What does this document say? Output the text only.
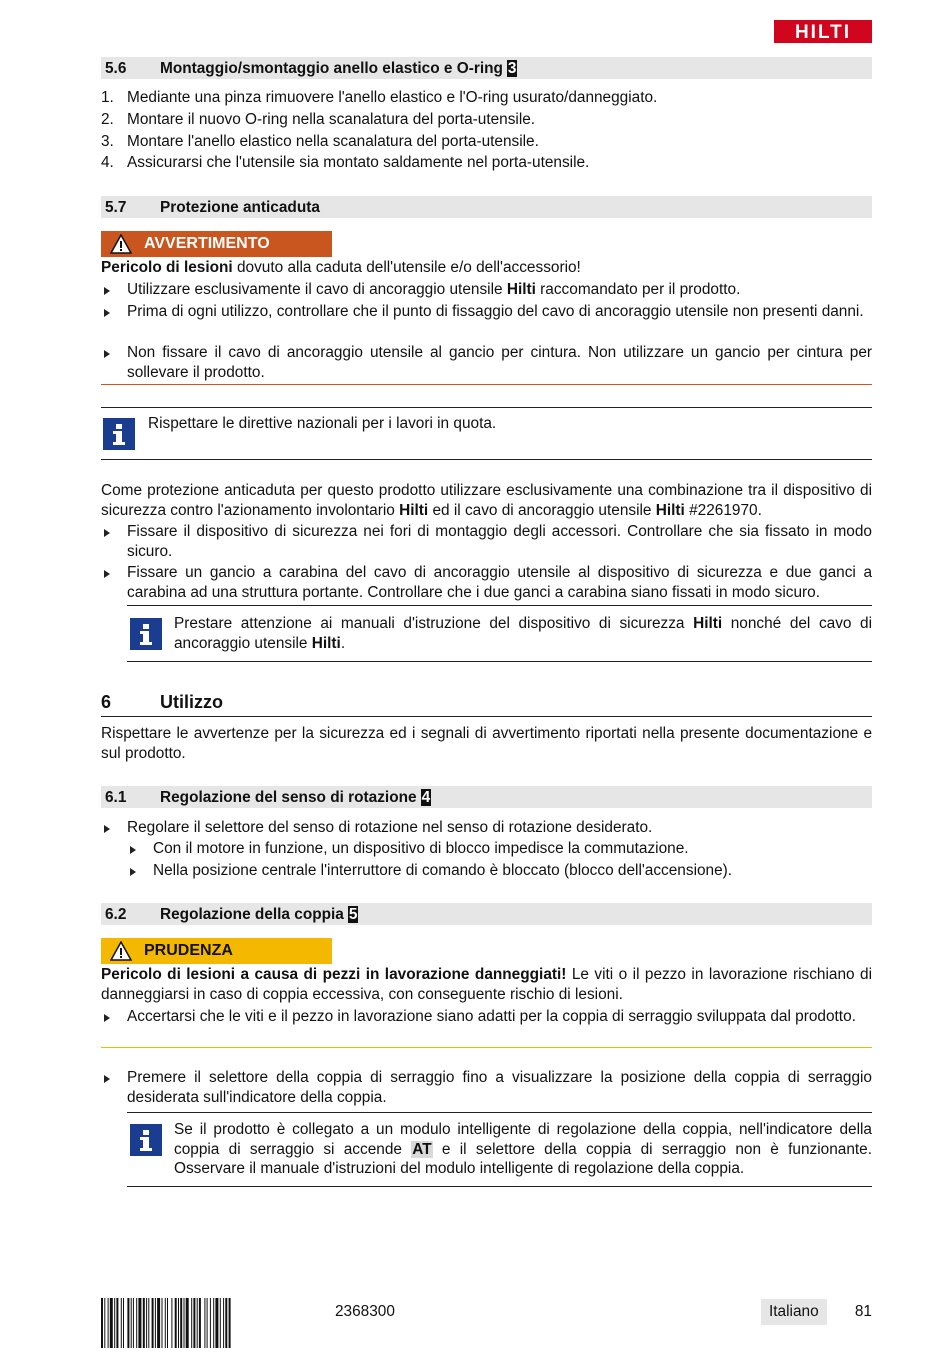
HILTI
5.6 Montaggio/smontaggio anello elastico e O-ring 3
1. Mediante una pinza rimuovere l'anello elastico e l'O-ring usurato/danneggiato.
2. Montare il nuovo O-ring nella scanalatura del porta-utensile.
3. Montare l'anello elastico nella scanalatura del porta-utensile.
4. Assicurarsi che l'utensile sia montato saldamente nel porta-utensile.
5.7 Protezione anticaduta
AVVERTIMENTO
Pericolo di lesioni dovuto alla caduta dell'utensile e/o dell'accessorio!
Utilizzare esclusivamente il cavo di ancoraggio utensile Hilti raccomandato per il prodotto.
Prima di ogni utilizzo, controllare che il punto di fissaggio del cavo di ancoraggio utensile non presenti danni.
Non fissare il cavo di ancoraggio utensile al gancio per cintura. Non utilizzare un gancio per cintura per sollevare il prodotto.
Rispettare le direttive nazionali per i lavori in quota.
Come protezione anticaduta per questo prodotto utilizzare esclusivamente una combinazione tra il dispositivo di sicurezza contro l'azionamento involontario Hilti ed il cavo di ancoraggio utensile Hilti #2261970.
Fissare il dispositivo di sicurezza nei fori di montaggio degli accessori. Controllare che sia fissato in modo sicuro.
Fissare un gancio a carabina del cavo di ancoraggio utensile al dispositivo di sicurezza e due ganci a carabina ad una struttura portante. Controllare che i due ganci a carabina siano fissati in modo sicuro.
Prestare attenzione ai manuali d'istruzione del dispositivo di sicurezza Hilti nonché del cavo di ancoraggio utensile Hilti.
6	Utilizzo
Rispettare le avvertenze per la sicurezza ed i segnali di avvertimento riportati nella presente documentazione e sul prodotto.
6.1 Regolazione del senso di rotazione 4
Regolare il selettore del senso di rotazione nel senso di rotazione desiderato.
Con il motore in funzione, un dispositivo di blocco impedisce la commutazione.
Nella posizione centrale l'interruttore di comando è bloccato (blocco dell'accensione).
6.2 Regolazione della coppia 5
PRUDENZA
Pericolo di lesioni a causa di pezzi in lavorazione danneggiati! Le viti o il pezzo in lavorazione rischiano di danneggiarsi in caso di coppia eccessiva, con conseguente rischio di lesioni.
Accertarsi che le viti e il pezzo in lavorazione siano adatti per la coppia di serraggio sviluppata dal prodotto.
Premere il selettore della coppia di serraggio fino a visualizzare la posizione della coppia di serraggio desiderata sull'indicatore della coppia.
Se il prodotto è collegato a un modulo intelligente di regolazione della coppia, nell'indicatore della coppia di serraggio si accende AT e il selettore della coppia di serraggio non è funzionante. Osservare il manuale d'istruzioni del modulo intelligente di regolazione della coppia.
2368300	Italiano 81
